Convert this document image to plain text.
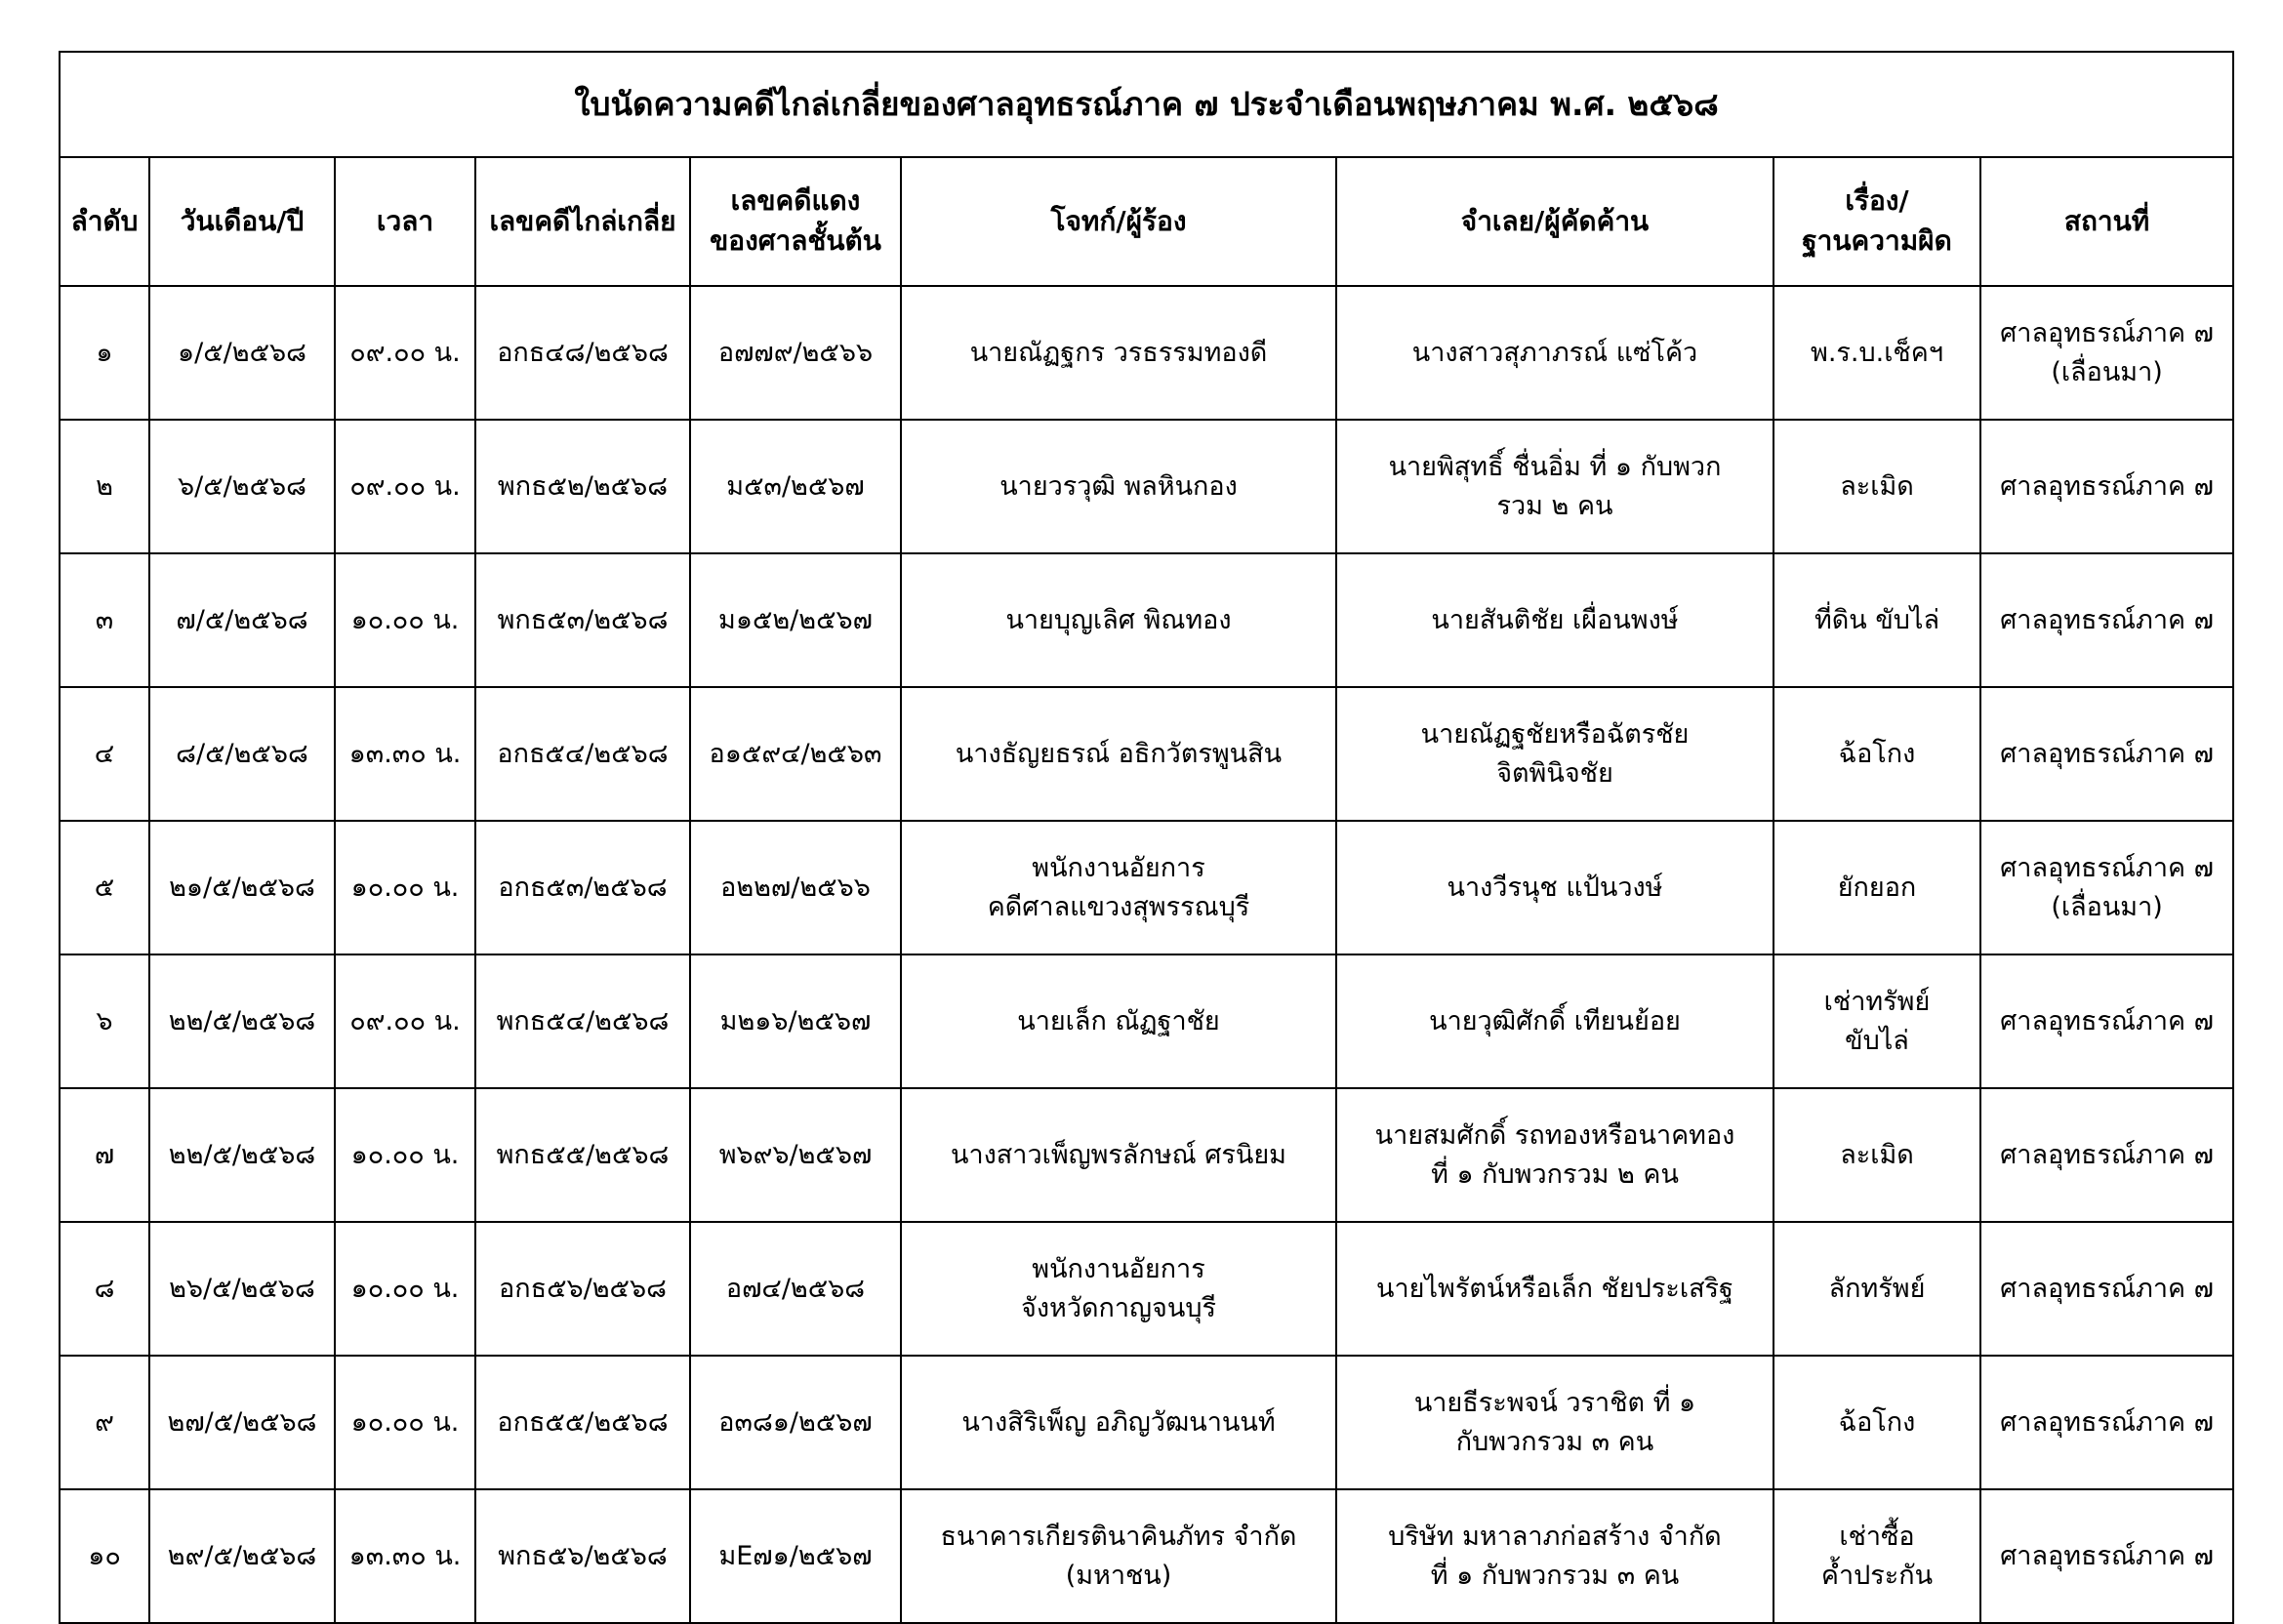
ใบนัดความคดีไกล่เกลี่ยของศาลอุทธรณ์ภาค ๗ ประจำเดือนพฤษภาคม พ.ศ. ๒๕๖๘								

ลำดับ	วันเดือน/ปี	เวลา	เลขคดีไกล่เกลี่ย	เลขคดีแดง
ของศาลชั้นต้น	โจทก์/ผู้ร้อง	จำเลย/ผู้คัดค้าน	เรื่อง/
ฐานความผิด	สถานที่

๑	๑/๕/๒๕๖๘	๐๙.๐๐ น.	อกธ๔๘/๒๕๖๘	อ๗๗๙/๒๕๖๖	นายณัฏฐกร วรธรรมทองดี	นางสาวสุภาภรณ์ แซ่โค้ว	พ.ร.บ.เช็คฯ	ศาลอุทธรณ์ภาค ๗
(เลื่อนมา)

๒	๖/๕/๒๕๖๘	๐๙.๐๐ น.	พกธ๕๒/๒๕๖๘	ม๕๓/๒๕๖๗	นายวรวุฒิ พลหินกอง	นายพิสุทธิ์ ชื่นอิ่ม ที่ ๑ กับพวก
รวม ๒ คน	ละเมิด	ศาลอุทธรณ์ภาค ๗

๓	๗/๕/๒๕๖๘	๑๐.๐๐ น.	พกธ๕๓/๒๕๖๘	ม๑๕๒/๒๕๖๗	นายบุญเลิศ พิณทอง	นายสันติชัย เผื่อนพงษ์	ที่ดิน ขับไล่	ศาลอุทธรณ์ภาค ๗

๔	๘/๕/๒๕๖๘	๑๓.๓๐ น.	อกธ๕๔/๒๕๖๘	อ๑๕๙๔/๒๕๖๓	นางธัญยธรณ์ อธิกวัตรพูนสิน	นายณัฏฐชัยหรือฉัตรชัย
จิตพินิจชัย	ฉ้อโกง	ศาลอุทธรณ์ภาค ๗

๕	๒๑/๕/๒๕๖๘	๑๐.๐๐ น.	อกธ๕๓/๒๕๖๘	อ๒๒๗/๒๕๖๖	พนักงานอัยการ
คดีศาลแขวงสุพรรณบุรี	นางวีรนุช แป้นวงษ์	ยักยอก	ศาลอุทธรณ์ภาค ๗
(เลื่อนมา)

๖	๒๒/๕/๒๕๖๘	๐๙.๐๐ น.	พกธ๕๔/๒๕๖๘	ม๒๑๖/๒๕๖๗	นายเล็ก ณัฏฐาชัย	นายวุฒิศักดิ์ เทียนย้อย	เช่าทรัพย์
ขับไล่	ศาลอุทธรณ์ภาค ๗

๗	๒๒/๕/๒๕๖๘	๑๐.๐๐ น.	พกธ๕๕/๒๕๖๘	พ๖๙๖/๒๕๖๗	นางสาวเพ็ญพรลักษณ์ ศรนิยม	นายสมศักดิ์ รถทองหรือนาคทอง
ที่ ๑ กับพวกรวม ๒ คน	ละเมิด	ศาลอุทธรณ์ภาค ๗

๘	๒๖/๕/๒๕๖๘	๑๐.๐๐ น.	อกธ๕๖/๒๕๖๘	อ๗๔/๒๕๖๘	พนักงานอัยการ
จังหวัดกาญจนบุรี	นายไพรัตน์หรือเล็ก ชัยประเสริฐ	ลักทรัพย์	ศาลอุทธรณ์ภาค ๗

๙	๒๗/๕/๒๕๖๘	๑๐.๐๐ น.	อกธ๕๕/๒๕๖๘	อ๓๘๑/๒๕๖๗	นางสิริเพ็ญ อภิญวัฒนานนท์	นายธีระพจน์ วราชิต ที่ ๑
กับพวกรวม ๓ คน	ฉ้อโกง	ศาลอุทธรณ์ภาค ๗

๑๐	๒๙/๕/๒๕๖๘	๑๓.๓๐ น.	พกธ๕๖/๒๕๖๘	มE๗๑/๒๕๖๗	ธนาคารเกียรตินาคินภัทร จำกัด
(มหาชน)	บริษัท มหาลาภก่อสร้าง จำกัด
ที่ ๑ กับพวกรวม ๓ คน	เช่าซื้อ
ค้ำประกัน	ศาลอุทธรณ์ภาค ๗
